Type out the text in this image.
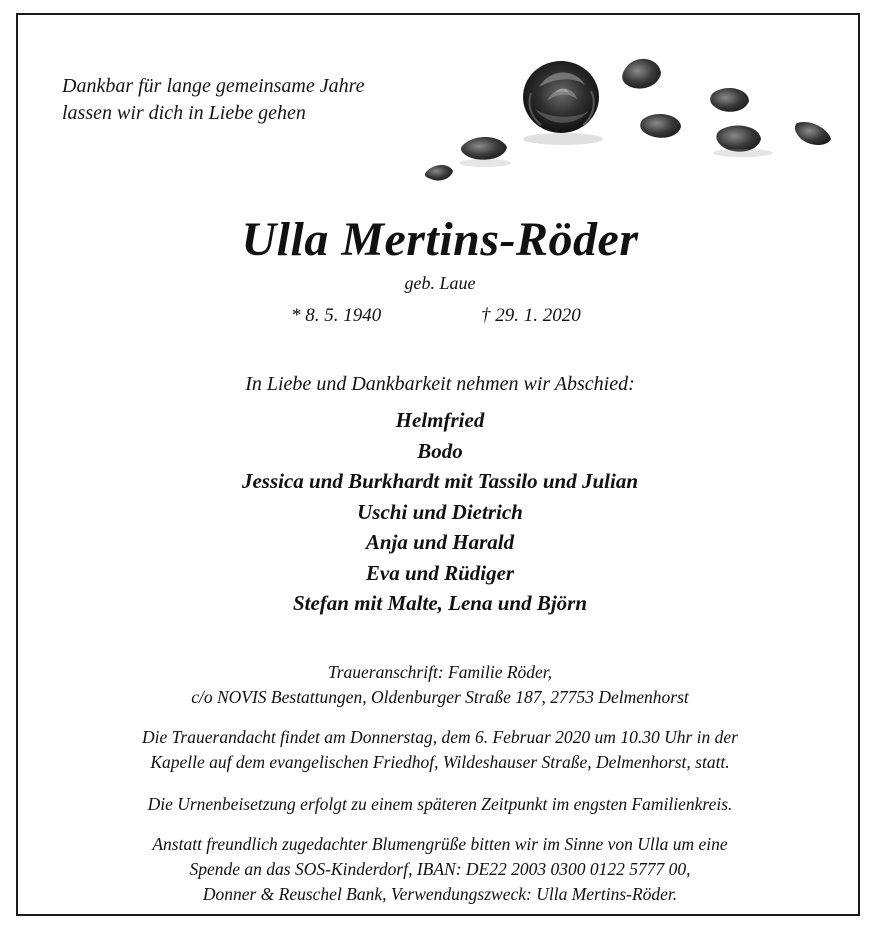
Dankbar für lange gemeinsame Jahre
lassen wir dich in Liebe gehen
Ulla Mertins-Röder
geb. Laue
* 8. 5. 1940	† 29. 1. 2020
In Liebe und Dankbarkeit nehmen wir Abschied:
Helmfried
Bodo
Jessica und Burkhardt mit Tassilo und Julian
Uschi und Dietrich
Anja und Harald
Eva und Rüdiger
Stefan mit Malte, Lena und Björn
Traueranschrift: Familie Röder,
c/o NOVIS Bestattungen, Oldenburger Straße 187, 27753 Delmenhorst
Die Trauerandacht findet am Donnerstag, dem 6. Februar 2020 um 10.30 Uhr in der
Kapelle auf dem evangelischen Friedhof, Wildeshauser Straße, Delmenhorst, statt.
Die Urnenbeisetzung erfolgt zu einem späteren Zeitpunkt im engsten Familienkreis.
Anstatt freundlich zugedachter Blumengrüße bitten wir im Sinne von Ulla um eine
Spende an das SOS-Kinderdorf, IBAN: DE22 2003 0300 0122 5777 00,
Donner & Reuschel Bank, Verwendungszweck: Ulla Mertins-Röder.
